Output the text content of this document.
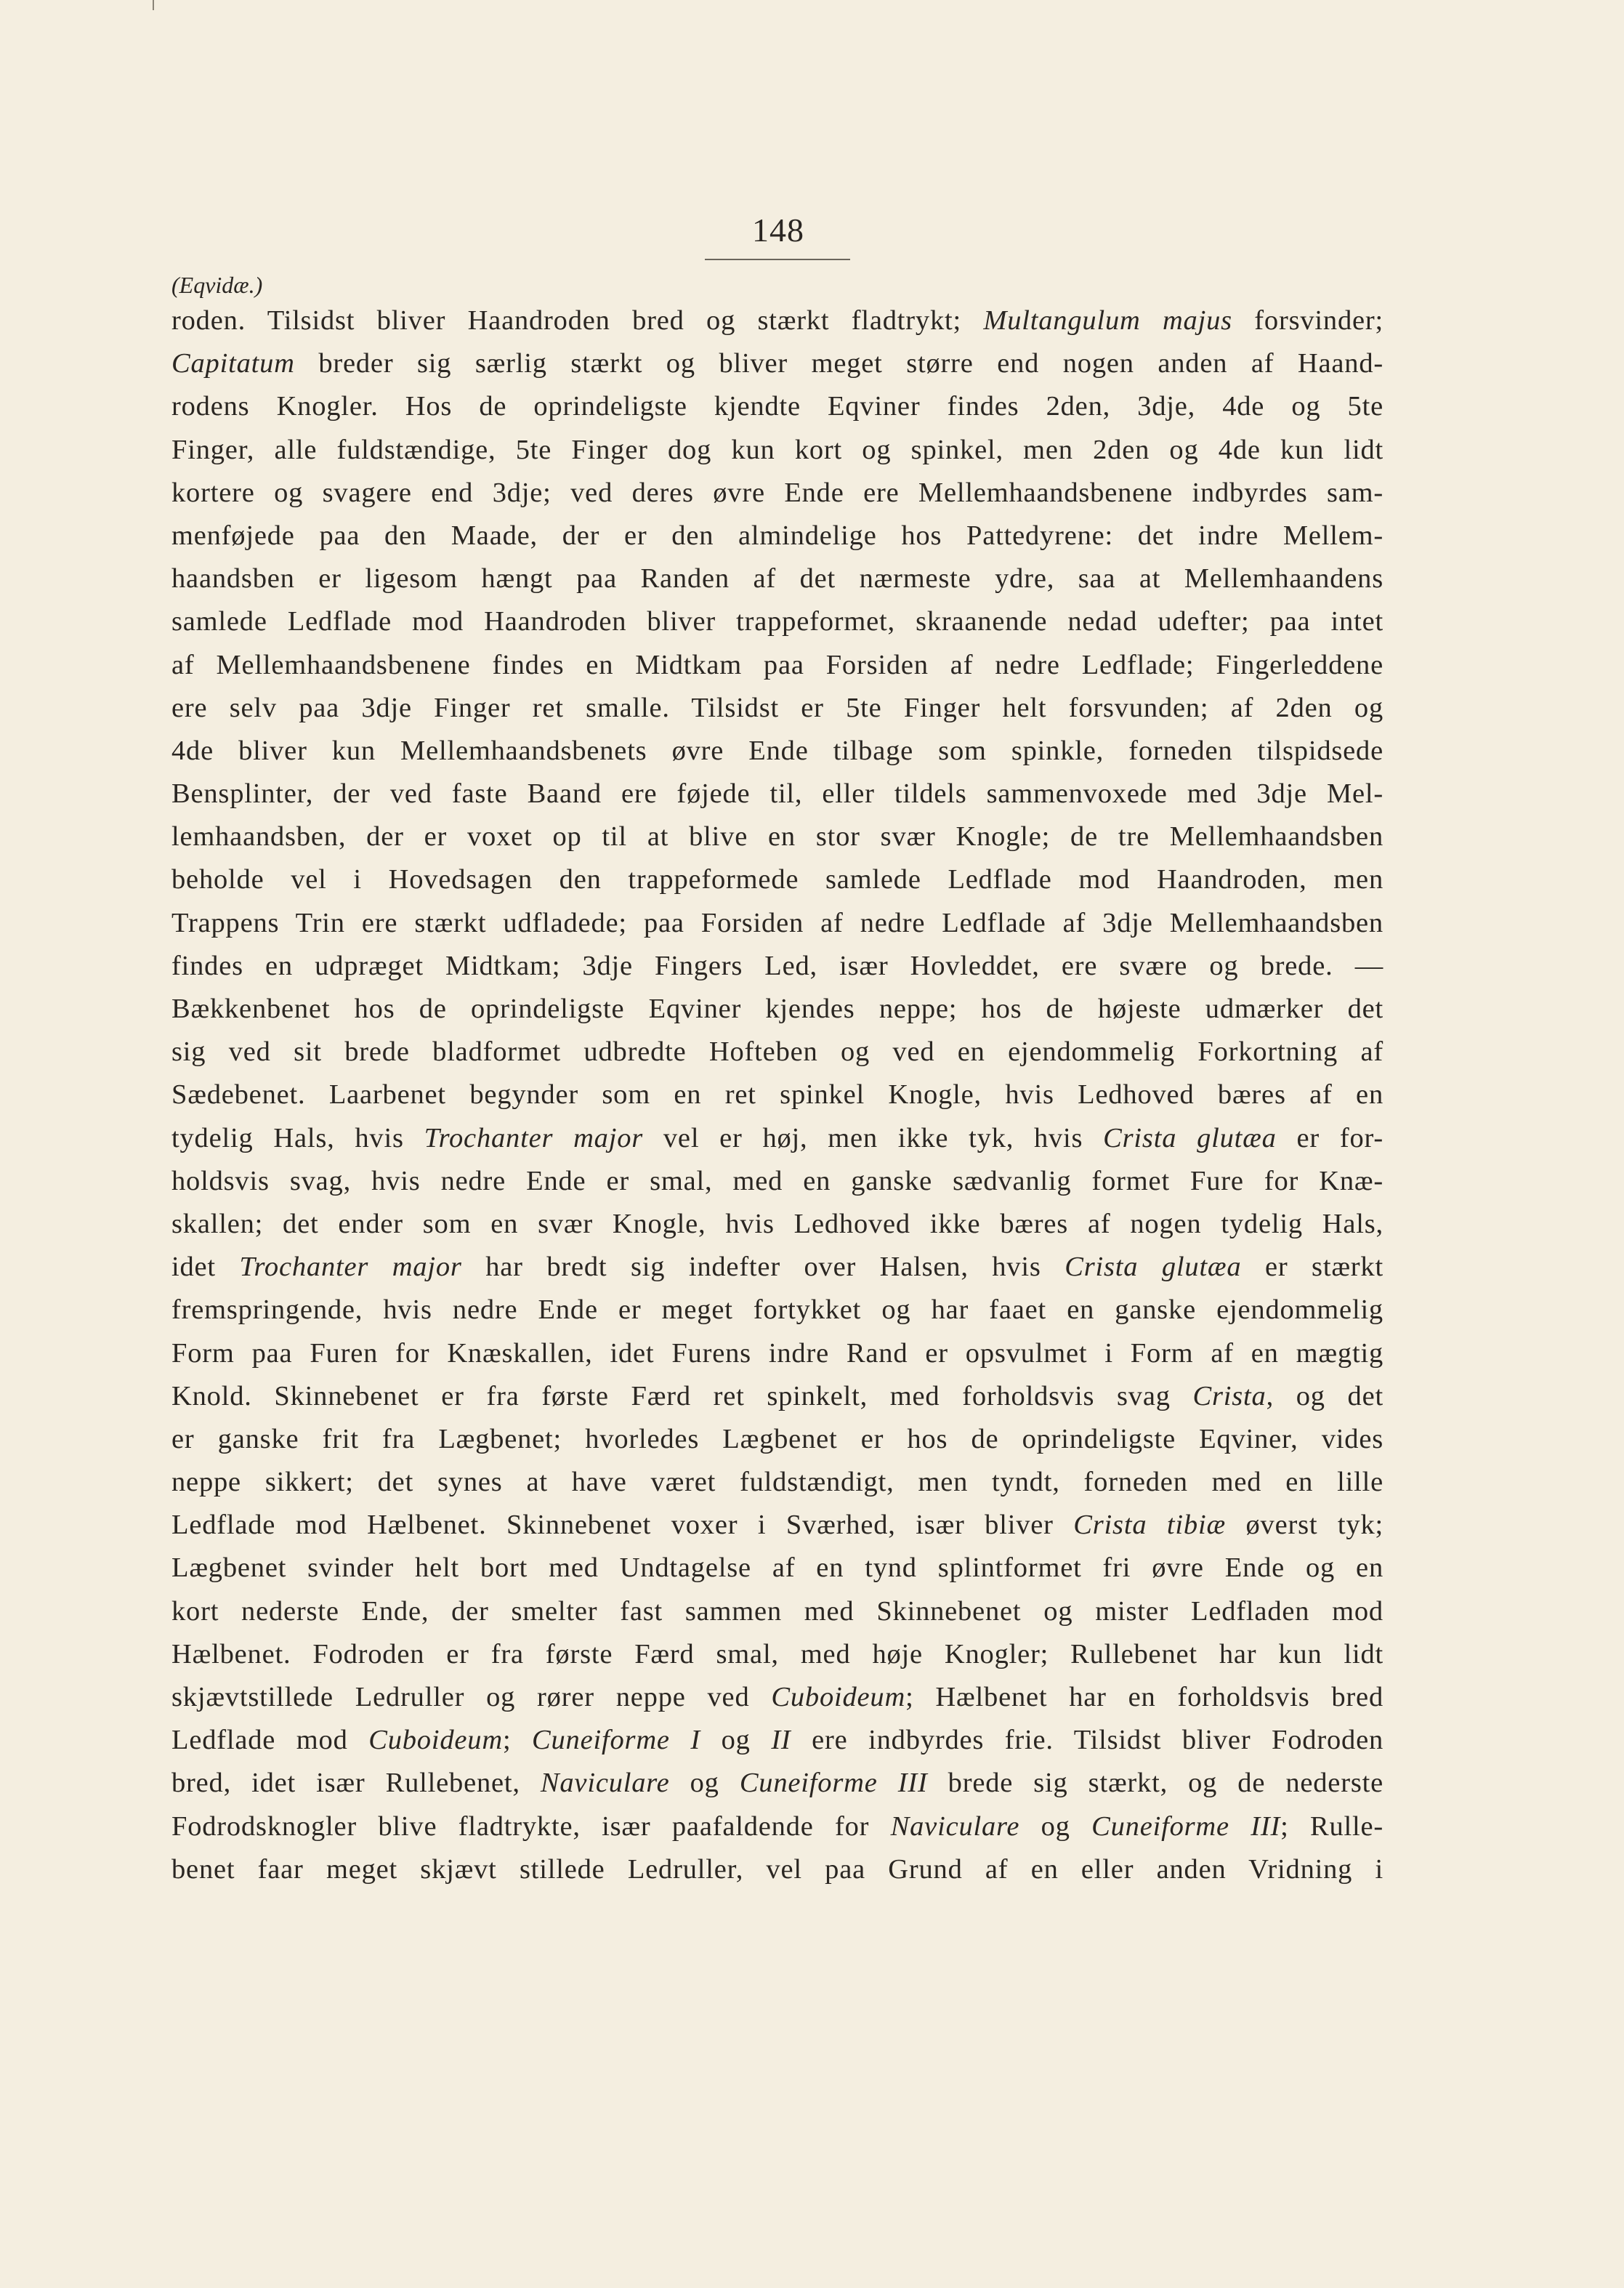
148
(Eqvidæ.)
roden. Tilsidst bliver Haandroden bred og stærkt fladtrykt; Multangulum majus forsvinder;
Capitatum breder sig særlig stærkt og bliver meget større end nogen anden af Haand-
rodens Knogler. Hos de oprindeligste kjendte Eqviner findes 2den, 3dje, 4de og 5te
Finger, alle fuldstændige, 5te Finger dog kun kort og spinkel, men 2den og 4de kun lidt
kortere og svagere end 3dje; ved deres øvre Ende ere Mellemhaandsbenene indbyrdes sam-
menføjede paa den Maade, der er den almindelige hos Pattedyrene: det indre Mellem-
haandsben er ligesom hængt paa Randen af det nærmeste ydre, saa at Mellemhaandens
samlede Ledflade mod Haandroden bliver trappeformet, skraanende nedad udefter; paa intet
af Mellemhaandsbenene findes en Midtkam paa Forsiden af nedre Ledflade; Fingerleddene
ere selv paa 3dje Finger ret smalle. Tilsidst er 5te Finger helt forsvunden; af 2den og
4de bliver kun Mellemhaandsbenets øvre Ende tilbage som spinkle, forneden tilspidsede
Bensplinter, der ved faste Baand ere føjede til, eller tildels sammenvoxede med 3dje Mel-
lemhaandsben, der er voxet op til at blive en stor svær Knogle; de tre Mellemhaandsben
beholde vel i Hovedsagen den trappeformede samlede Ledflade mod Haandroden, men
Trappens Trin ere stærkt udfladede; paa Forsiden af nedre Ledflade af 3dje Mellemhaandsben
findes en udpræget Midtkam; 3dje Fingers Led, især Hovleddet, ere svære og brede. —
Bækkenbenet hos de oprindeligste Eqviner kjendes neppe; hos de højeste udmærker det
sig ved sit brede bladformet udbredte Hofteben og ved en ejendommelig Forkortning af
Sædebenet. Laarbenet begynder som en ret spinkel Knogle, hvis Ledhoved bæres af en
tydelig Hals, hvis Trochanter major vel er høj, men ikke tyk, hvis Crista glutæa er for-
holdsvis svag, hvis nedre Ende er smal, med en ganske sædvanlig formet Fure for Knæ-
skallen; det ender som en svær Knogle, hvis Ledhoved ikke bæres af nogen tydelig Hals,
idet Trochanter major har bredt sig indefter over Halsen, hvis Crista glutæa er stærkt
fremspringende, hvis nedre Ende er meget fortykket og har faaet en ganske ejendommelig
Form paa Furen for Knæskallen, idet Furens indre Rand er opsvulmet i Form af en mægtig
Knold. Skinnebenet er fra første Færd ret spinkelt, med forholdsvis svag Crista, og det
er ganske frit fra Lægbenet; hvorledes Lægbenet er hos de oprindeligste Eqviner, vides
neppe sikkert; det synes at have været fuldstændigt, men tyndt, forneden med en lille
Ledflade mod Hælbenet. Skinnebenet voxer i Sværhed, især bliver Crista tibiæ øverst tyk;
Lægbenet svinder helt bort med Undtagelse af en tynd splintformet fri øvre Ende og en
kort nederste Ende, der smelter fast sammen med Skinnebenet og mister Ledfladen mod
Hælbenet. Fodroden er fra første Færd smal, med høje Knogler; Rullebenet har kun lidt
skjævtstillede Ledruller og rører neppe ved Cuboideum; Hælbenet har en forholdsvis bred
Ledflade mod Cuboideum; Cuneiforme I og II ere indbyrdes frie. Tilsidst bliver Fodroden
bred, idet især Rullebenet, Naviculare og Cuneiforme III brede sig stærkt, og de nederste
Fodrodsknogler blive fladtrykte, især paafaldende for Naviculare og Cuneiforme III; Rulle-
benet faar meget skjævt stillede Ledruller, vel paa Grund af en eller anden Vridning i
